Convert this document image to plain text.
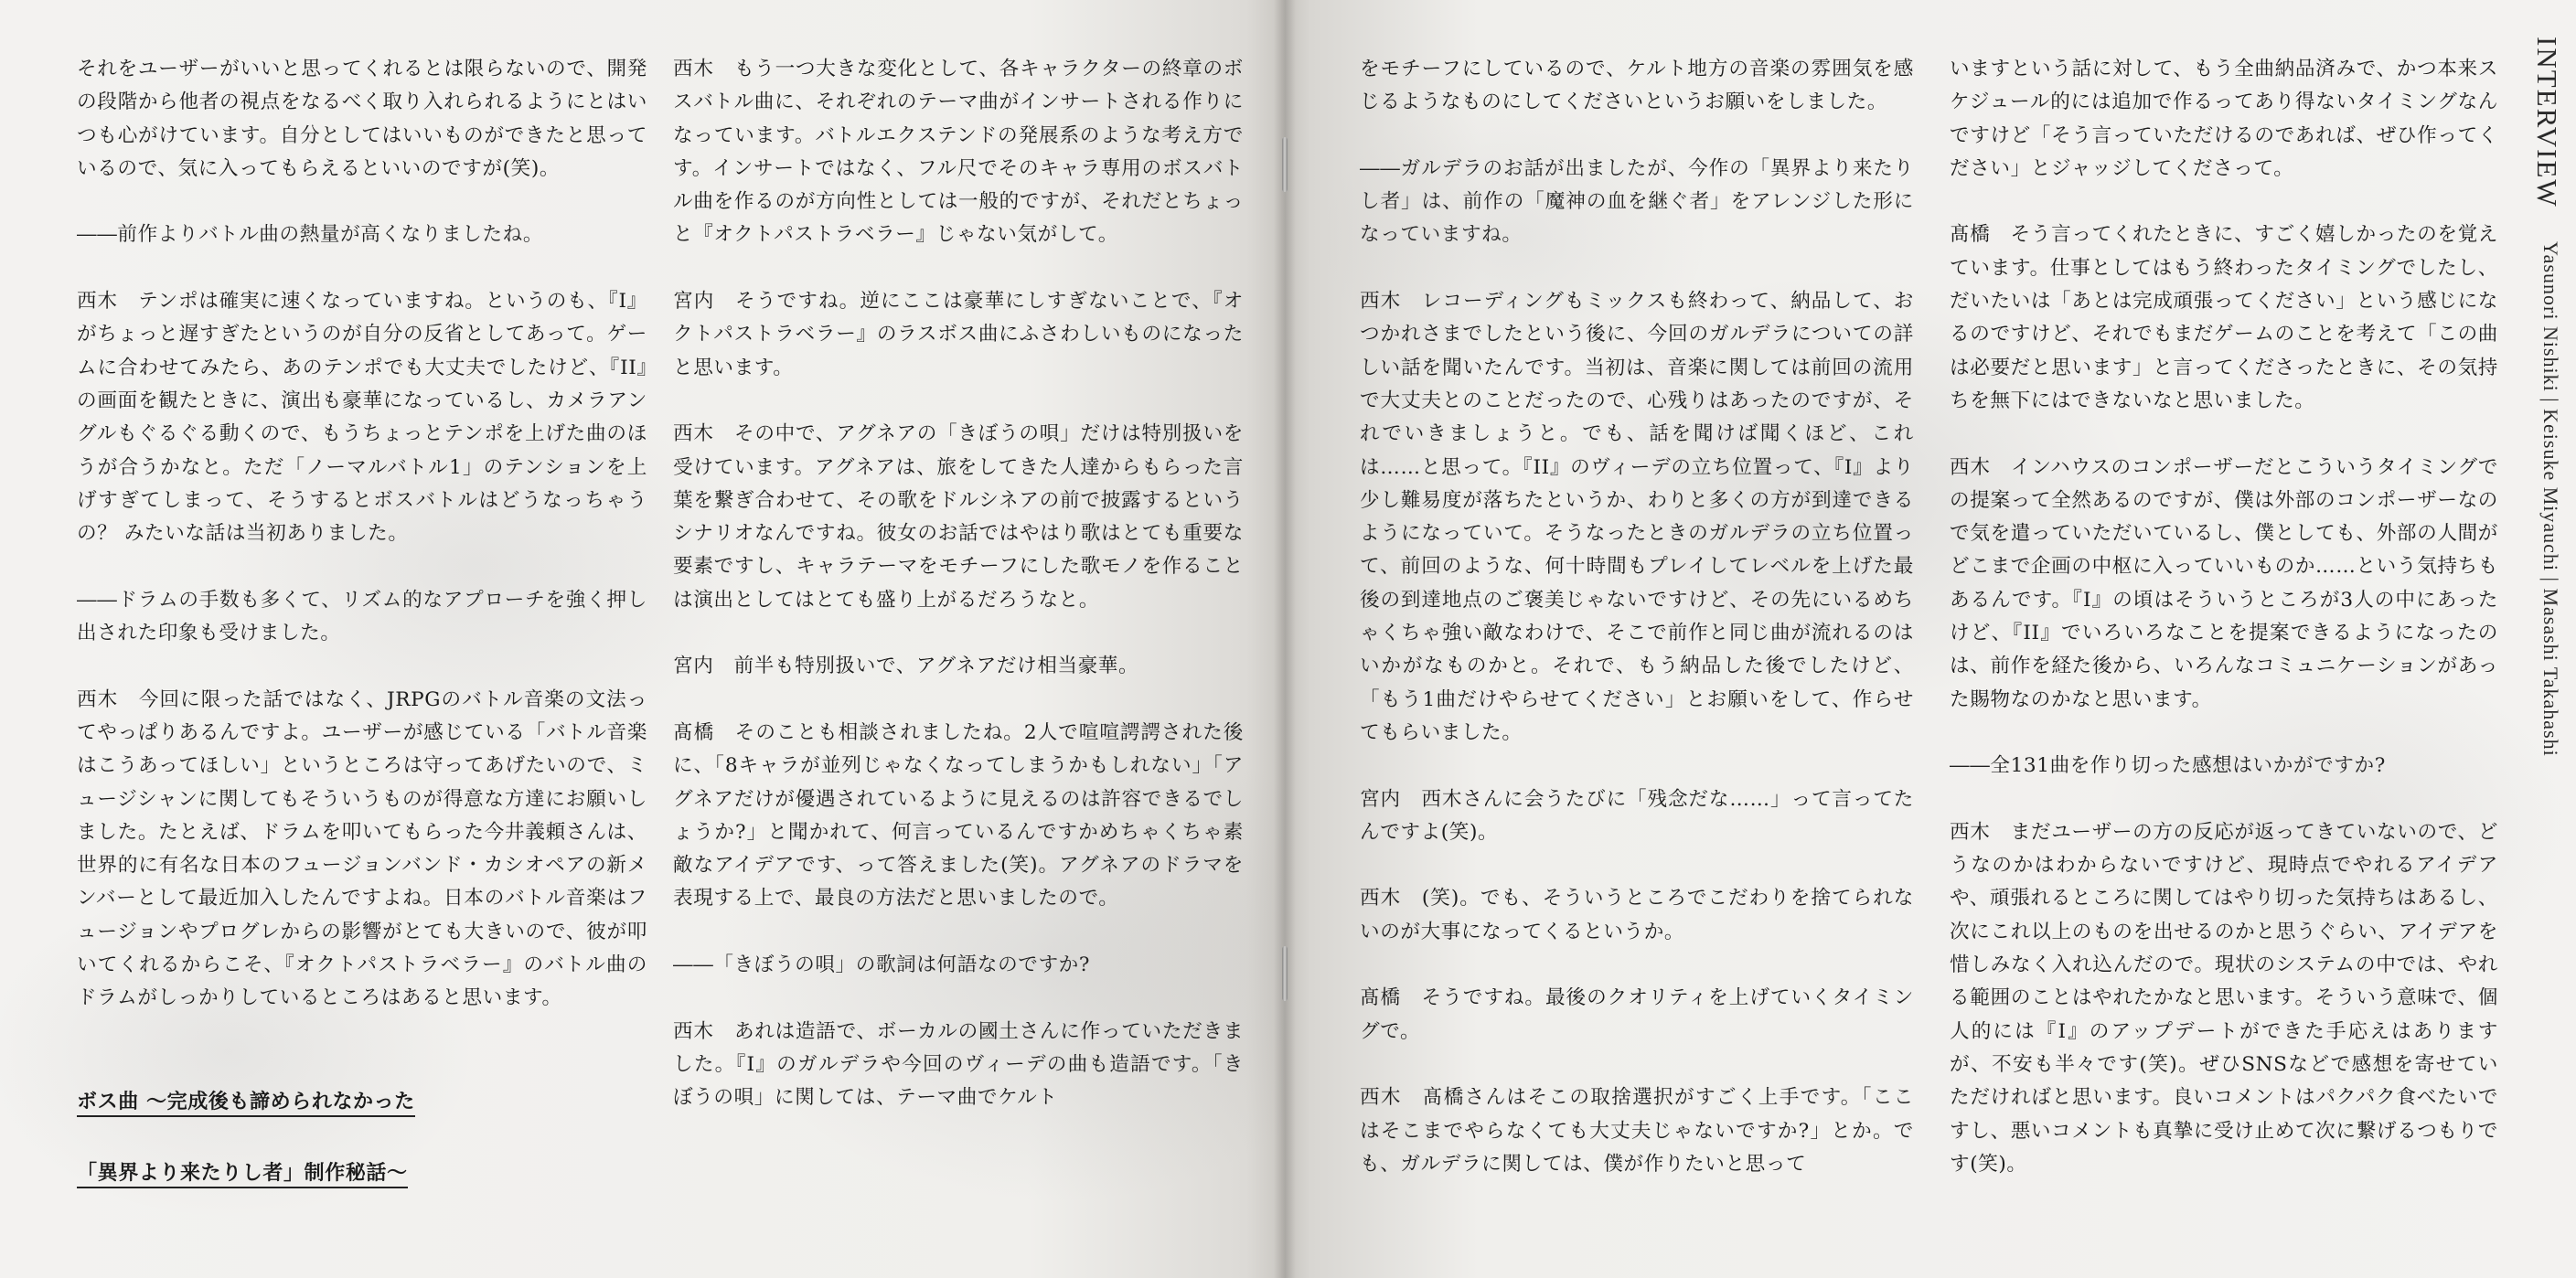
それをユーザーがいいと思ってくれるとは限らないので、開発の段階から他者の視点をなるべく取り入れられるようにとはいつも心がけています。自分としてはいいものができたと思っているので、気に入ってもらえるといいのですが(笑)。

――前作よりバトル曲の熱量が高くなりましたね。

西木　テンポは確実に速くなっていますね。というのも、『I』がちょっと遅すぎたというのが自分の反省としてあって。ゲームに合わせてみたら、あのテンポでも大丈夫でしたけど、『II』の画面を観たときに、演出も豪華になっているし、カメラアングルもぐるぐる動くので、もうちょっとテンポを上げた曲のほうが合うかなと。ただ「ノーマルバトル1」のテンションを上げすぎてしまって、そうするとボスバトルはどうなっちゃうの？ みたいな話は当初ありました。

――ドラムの手数も多くて、リズム的なアプローチを強く押し出された印象も受けました。

西木　今回に限った話ではなく、JRPGのバトル音楽の文法ってやっぱりあるんですよ。ユーザーが感じている「バトル音楽はこうあってほしい」というところは守ってあげたいので、ミュージシャンに関してもそういうものが得意な方達にお願いしました。たとえば、ドラムを叩いてもらった今井義頼さんは、世界的に有名な日本のフュージョンバンド・カシオペアの新メンバーとして最近加入したんですよね。日本のバトル音楽はフュージョンやプログレからの影響がとても大きいので、彼が叩いてくれるからこそ、『オクトパストラベラー』のバトル曲のドラムがしっかりしているところはあると思います。

ボス曲 〜完成後も諦められなかった

「異界より来たりし者」制作秘話〜

西木　もう一つ大きな変化として、各キャラクターの終章のボスバトル曲に、それぞれのテーマ曲がインサートされる作りになっています。バトルエクステンドの発展系のような考え方です。インサートではなく、フル尺でそのキャラ専用のボスバトル曲を作るのが方向性としては一般的ですが、それだとちょっと『オクトパストラベラー』じゃない気がして。

宮内　そうですね。逆にここは豪華にしすぎないことで、『オクトパストラベラー』のラスボス曲にふさわしいものになったと思います。

西木　その中で、アグネアの「きぼうの唄」だけは特別扱いを受けています。アグネアは、旅をしてきた人達からもらった言葉を繋ぎ合わせて、その歌をドルシネアの前で披露するというシナリオなんですね。彼女のお話ではやはり歌はとても重要な要素ですし、キャラテーマをモチーフにした歌モノを作ることは演出としてはとても盛り上がるだろうなと。

宮内　前半も特別扱いで、アグネアだけ相当豪華。

髙橋　そのことも相談されましたね。2人で喧喧諤諤された後に、「8キャラが並列じゃなくなってしまうかもしれない」「アグネアだけが優遇されているように見えるのは許容できるでしょうか?」と聞かれて、何言っているんですかめちゃくちゃ素敵なアイデアです、って答えました(笑)。アグネアのドラマを表現する上で、最良の方法だと思いましたので。

――「きぼうの唄」の歌詞は何語なのですか?

西木　あれは造語で、ボーカルの國土さんに作っていただきました。『I』のガルデラや今回のヴィーデの曲も造語です。「きぼうの唄」に関しては、テーマ曲でケルト

をモチーフにしているので、ケルト地方の音楽の雰囲気を感じるようなものにしてくださいというお願いをしました。

――ガルデラのお話が出ましたが、今作の「異界より来たりし者」は、前作の「魔神の血を継ぐ者」をアレンジした形になっていますね。

西木　レコーディングもミックスも終わって、納品して、おつかれさまでしたという後に、今回のガルデラについての詳しい話を聞いたんです。当初は、音楽に関しては前回の流用で大丈夫とのことだったので、心残りはあったのですが、それでいきましょうと。でも、話を聞けば聞くほど、これは……と思って。『II』のヴィーデの立ち位置って、『I』より少し難易度が落ちたというか、わりと多くの方が到達できるようになっていて。そうなったときのガルデラの立ち位置って、前回のような、何十時間もプレイしてレベルを上げた最後の到達地点のご褒美じゃないですけど、その先にいるめちゃくちゃ強い敵なわけで、そこで前作と同じ曲が流れるのはいかがなものかと。それで、もう納品した後でしたけど、「もう1曲だけやらせてください」とお願いをして、作らせてもらいました。

宮内　西木さんに会うたびに「残念だな……」って言ってたんですよ(笑)。

西木　(笑)。でも、そういうところでこだわりを捨てられないのが大事になってくるというか。

髙橋　そうですね。最後のクオリティを上げていくタイミングで。

西木　髙橋さんはそこの取捨選択がすごく上手です。「ここはそこまでやらなくても大丈夫じゃないですか?」とか。でも、ガルデラに関しては、僕が作りたいと思って

いますという話に対して、もう全曲納品済みで、かつ本来スケジュール的には追加で作るってあり得ないタイミングなんですけど「そう言っていただけるのであれば、ぜひ作ってください」とジャッジしてくださって。

髙橋　そう言ってくれたときに、すごく嬉しかったのを覚えています。仕事としてはもう終わったタイミングでしたし、だいたいは「あとは完成頑張ってください」という感じになるのですけど、それでもまだゲームのことを考えて「この曲は必要だと思います」と言ってくださったときに、その気持ちを無下にはできないなと思いました。

西木　インハウスのコンポーザーだとこういうタイミングでの提案って全然あるのですが、僕は外部のコンポーザーなので気を遣っていただいているし、僕としても、外部の人間がどこまで企画の中枢に入っていいものか……という気持ちもあるんです。『I』の頃はそういうところが3人の中にあったけど、『II』でいろいろなことを提案できるようになったのは、前作を経た後から、いろんなコミュニケーションがあった賜物なのかなと思います。

――全131曲を作り切った感想はいかがですか?

西木　まだユーザーの方の反応が返ってきていないので、どうなのかはわからないですけど、現時点でやれるアイデアや、頑張れるところに関してはやり切った気持ちはあるし、次にこれ以上のものを出せるのかと思うぐらい、アイデアを惜しみなく入れ込んだので。現状のシステムの中では、やれる範囲のことはやれたかなと思います。そういう意味で、個人的には『I』のアップデートができた手応えはありますが、不安も半々です(笑)。ぜひSNSなどで感想を寄せていただければと思います。良いコメントはパクパク食べたいですし、悪いコメントも真摯に受け止めて次に繋げるつもりです(笑)。

INTERVIEW
Yasunori Nishiki | Keisuke Miyauchi | Masashi Takahashi
